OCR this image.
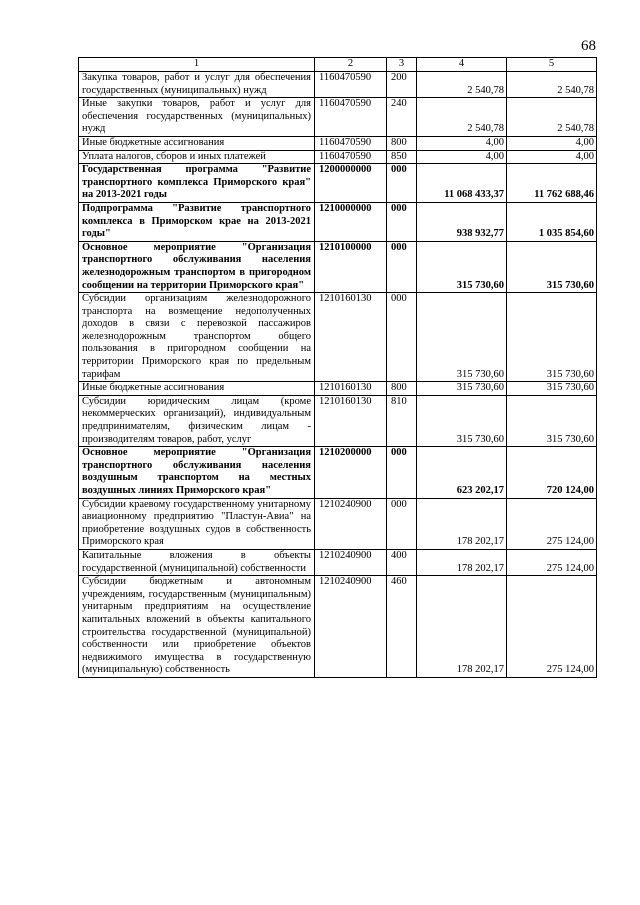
68
1	2	3	4	5
Закупка товаров, работ и услуг для обеспечения государственных (муниципальных) нужд	1160470590	200	2 540,78	2 540,78
Иные закупки товаров, работ и услуг для обеспечения государственных (муниципальных) нужд	1160470590	240	2 540,78	2 540,78
Иные бюджетные ассигнования	1160470590	800	4,00	4,00
Уплата налогов, сборов и иных платежей	1160470590	850	4,00	4,00
Государственная программа "Развитие транспортного комплекса Приморского края" на 2013-2021 годы	1200000000	000	11 068 433,37	11 762 688,46
Подпрограмма "Развитие транспортного комплекса в Приморском крае на 2013-2021 годы"	1210000000	000	938 932,77	1 035 854,60
Основное мероприятие "Организация транспортного обслуживания населения железнодорожным транспортом в пригородном сообщении на территории Приморского края"	1210100000	000	315 730,60	315 730,60
Субсидии организациям железнодорожного транспорта на возмещение недополученных доходов в связи с перевозкой пассажиров железнодорожным транспортом общего пользования в пригородном сообщении на территории Приморского края по предельным тарифам	1210160130	000	315 730,60	315 730,60
Иные бюджетные ассигнования	1210160130	800	315 730,60	315 730,60
Субсидии юридическим лицам (кроме некоммерческих организаций), индивидуальным предпринимателям, физическим лицам - производителям товаров, работ, услуг	1210160130	810	315 730,60	315 730,60
Основное мероприятие "Организация транспортного обслуживания населения воздушным транспортом на местных воздушных линиях Приморского края"	1210200000	000	623 202,17	720 124,00
Субсидии краевому государственному унитарному авиационному предприятию "Пластун-Авиа" на приобретение воздушных судов в собственность Приморского края	1210240900	000	178 202,17	275 124,00
Капитальные вложения в объекты государственной (муниципальной) собственности	1210240900	400	178 202,17	275 124,00
Субсидии бюджетным и автономным учреждениям, государственным (муниципальным) унитарным предприятиям на осуществление капитальных вложений в объекты капитального строительства государственной (муниципальной) собственности или приобретение объектов недвижимого имущества в государственную (муниципальную) собственность	1210240900	460	178 202,17	275 124,00
